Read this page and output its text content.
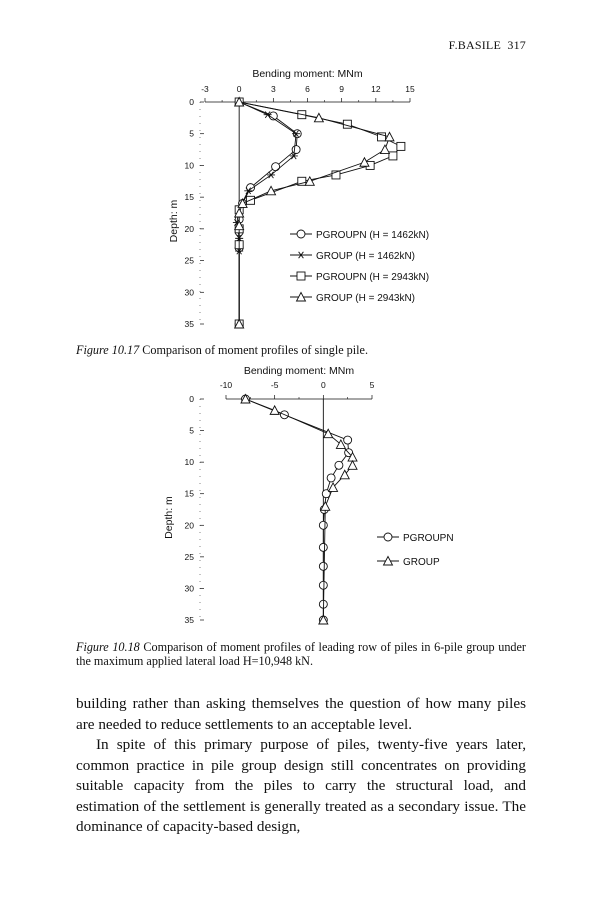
F.BASILE 317
Bending moment: MNm
-3	0	3	6	9	12	15
0
5
10
15
20
25
30
35
Depth: m	PGROUPN (H = 1462kN)
GROUP (H = 1462kN)
PGROUPN (H = 2943kN)
GROUP (H = 2943kN)
Figure 10.17 Comparison of moment profiles of single pile.
Bending moment: MNm
-10	-5	0	5
0
5
10
15
20
25
30
35
Depth: m	PGROUPN
GROUP
Figure 10.18 Comparison of moment profiles of leading row of piles in 6-pile group under the maximum applied lateral load H=10,948 kN.

building rather than asking themselves the question of how many piles are needed to reduce settlements to an acceptable level.

In spite of this primary purpose of piles, twenty-five years later, common practice in pile group design still concentrates on providing suitable capacity from the piles to carry the structural load, and estimation of the settlement is generally treated as a secondary issue. The dominance of capacity-based design,
